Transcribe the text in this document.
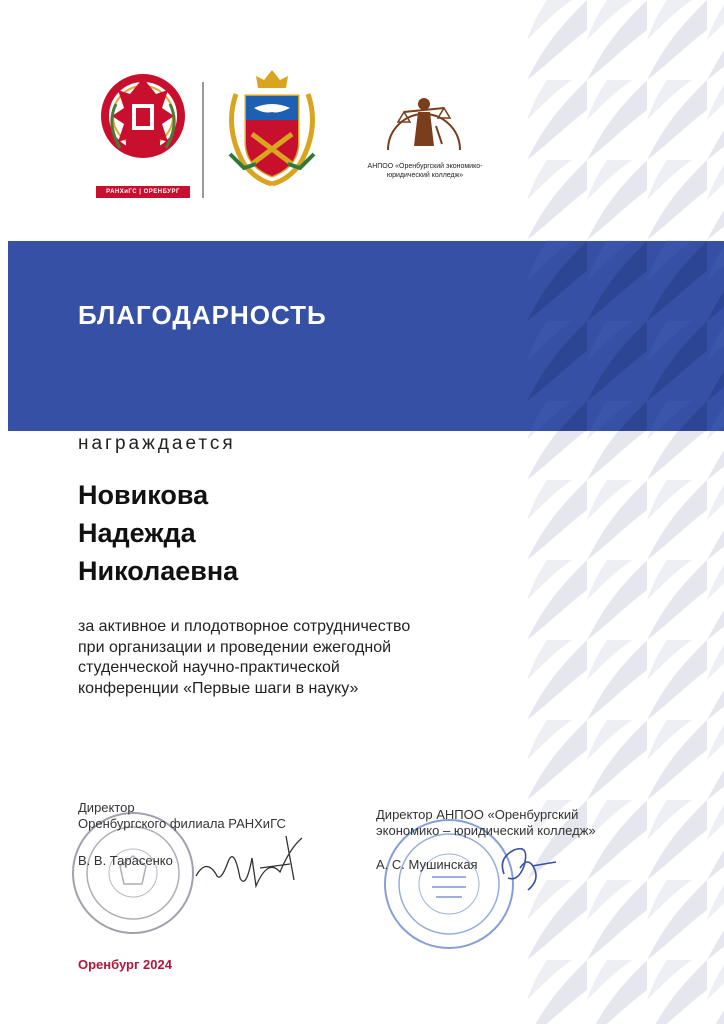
БЛАГОДАРНОСТЬ
РАНХиГС | ОРЕНБУРГ
АНПОО «Оренбургский экономико-юридический колледж»
награждается
Новикова
Надежда
Николаевна
за активное и плодотворное сотрудничество
при организации и проведении ежегодной
студенческой научно-практической
конференции «Первые шаги в науку»
Директор
Оренбургского филиала РАНХиГС
В. В. Тарасенко
Директор АНПОО «Оренбургский
экономико – юридический колледж»
А. С. Мушинская
Оренбург 2024
